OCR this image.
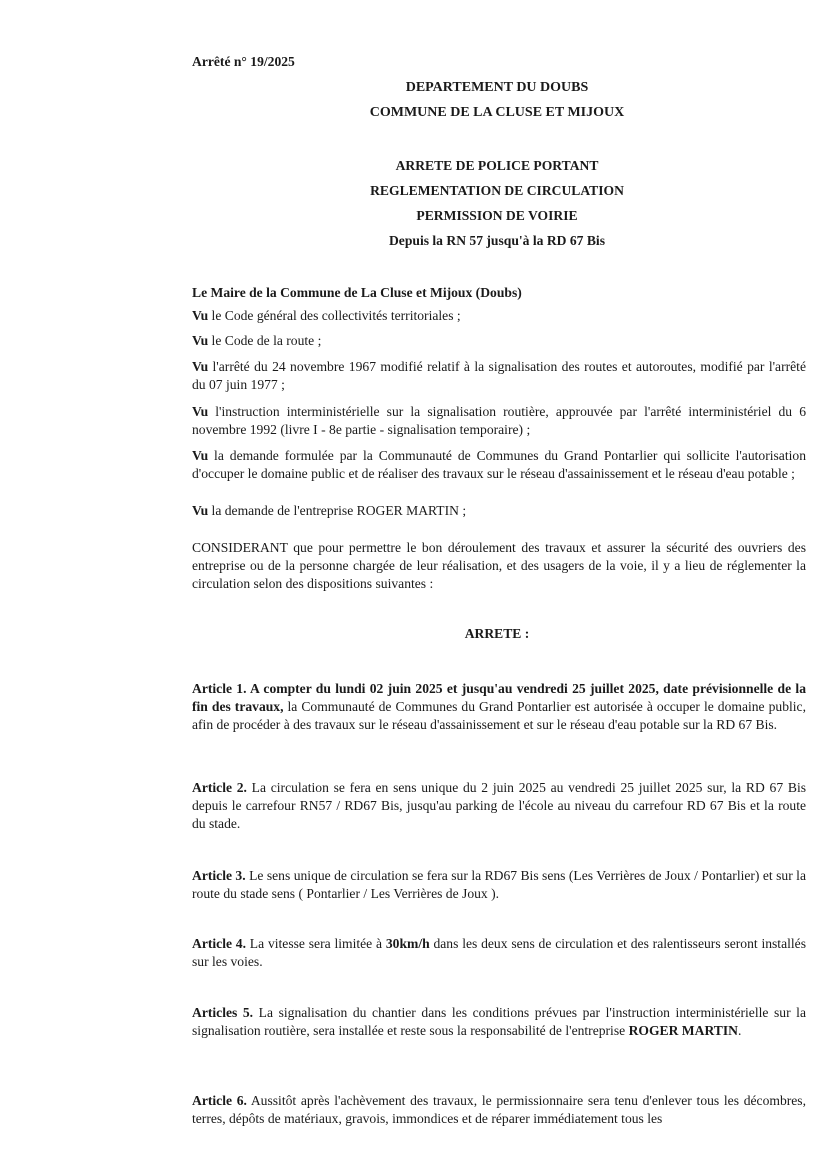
Arrêté n° 19/2025
DEPARTEMENT DU DOUBS
COMMUNE DE LA CLUSE ET MIJOUX
ARRETE DE POLICE PORTANT
REGLEMENTATION DE CIRCULATION
PERMISSION DE VOIRIE
Depuis la RN 57 jusqu'à la RD 67 Bis
Le Maire de la Commune de La Cluse et Mijoux (Doubs)
Vu le Code général des collectivités territoriales ;
Vu le Code de la route ;
Vu l'arrêté du 24 novembre 1967 modifié relatif à la signalisation des routes et autoroutes, modifié par l'arrêté du 07 juin 1977 ;
Vu l'instruction interministérielle sur la signalisation routière, approuvée par l'arrêté interministériel du 6 novembre 1992 (livre I - 8e partie - signalisation temporaire) ;
Vu la demande formulée par la Communauté de Communes du Grand Pontarlier qui sollicite l'autorisation d'occuper le domaine public et de réaliser des travaux sur le réseau d'assainissement et le réseau d'eau potable ;
Vu la demande de l'entreprise ROGER MARTIN ;
CONSIDERANT que pour permettre le bon déroulement des travaux et assurer la sécurité des ouvriers des entreprise ou de la personne chargée de leur réalisation, et des usagers de la voie, il y a lieu de réglementer la circulation selon des dispositions suivantes :
ARRETE :
Article 1. A compter du lundi 02 juin 2025 et jusqu'au vendredi 25 juillet 2025, date prévisionnelle de la fin des travaux, la Communauté de Communes du Grand Pontarlier est autorisée à occuper le domaine public, afin de procéder à des travaux sur le réseau d'assainissement et sur le réseau d'eau potable sur la RD 67 Bis.
Article 2. La circulation se fera en sens unique du 2 juin 2025 au vendredi 25 juillet 2025 sur, la RD 67 Bis depuis le carrefour RN57 / RD67 Bis, jusqu'au parking de l'école au niveau du carrefour RD 67 Bis et la route du stade.
Article 3. Le sens unique de circulation se fera sur la RD67 Bis sens (Les Verrières de Joux / Pontarlier) et sur la route du stade sens ( Pontarlier / Les Verrières de Joux ).
Article 4. La vitesse sera limitée à 30km/h dans les deux sens de circulation et des ralentisseurs seront installés sur les voies.
Articles 5. La signalisation du chantier dans les conditions prévues par l'instruction interministérielle sur la signalisation routière, sera installée et reste sous la responsabilité de l'entreprise ROGER MARTIN.
Article 6. Aussitôt après l'achèvement des travaux, le permissionnaire sera tenu d'enlever tous les décombres, terres, dépôts de matériaux, gravois, immondices et de réparer immédiatement tous les
